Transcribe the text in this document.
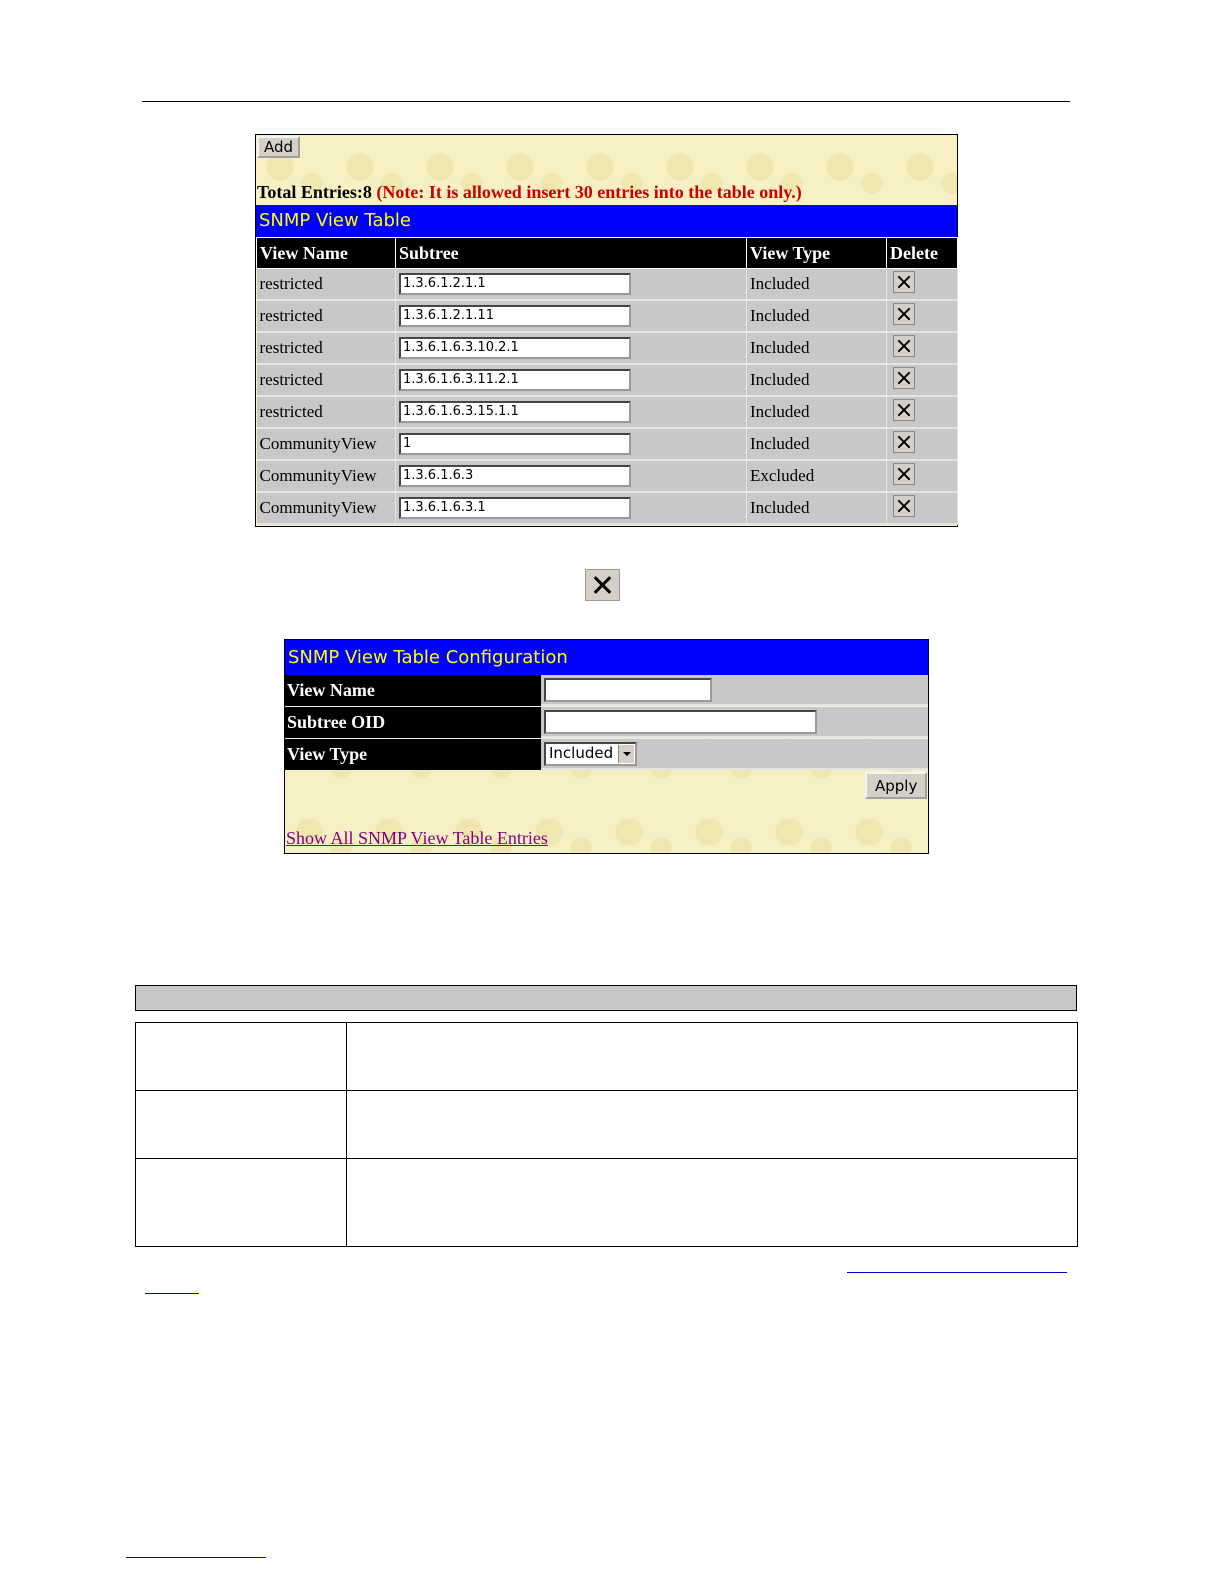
Add
Total Entries:8 (Note: It is allowed insert 30 entries into the table only.)
SNMP View Table
View Name	Subtree	View Type	Delete
restricted	1.3.6.1.2.1.1	Included	
restricted	1.3.6.1.2.1.11	Included	
restricted	1.3.6.1.6.3.10.2.1	Included	
restricted	1.3.6.1.6.3.11.2.1	Included	
restricted	1.3.6.1.6.3.15.1.1	Included	
CommunityView	1	Included	
CommunityView	1.3.6.1.6.3	Excluded	
CommunityView	1.3.6.1.6.3.1	Included	
SNMP View Table Configuration
View Name
Subtree OID
View Type	Included
Apply
Show All SNMP View Table Entries
